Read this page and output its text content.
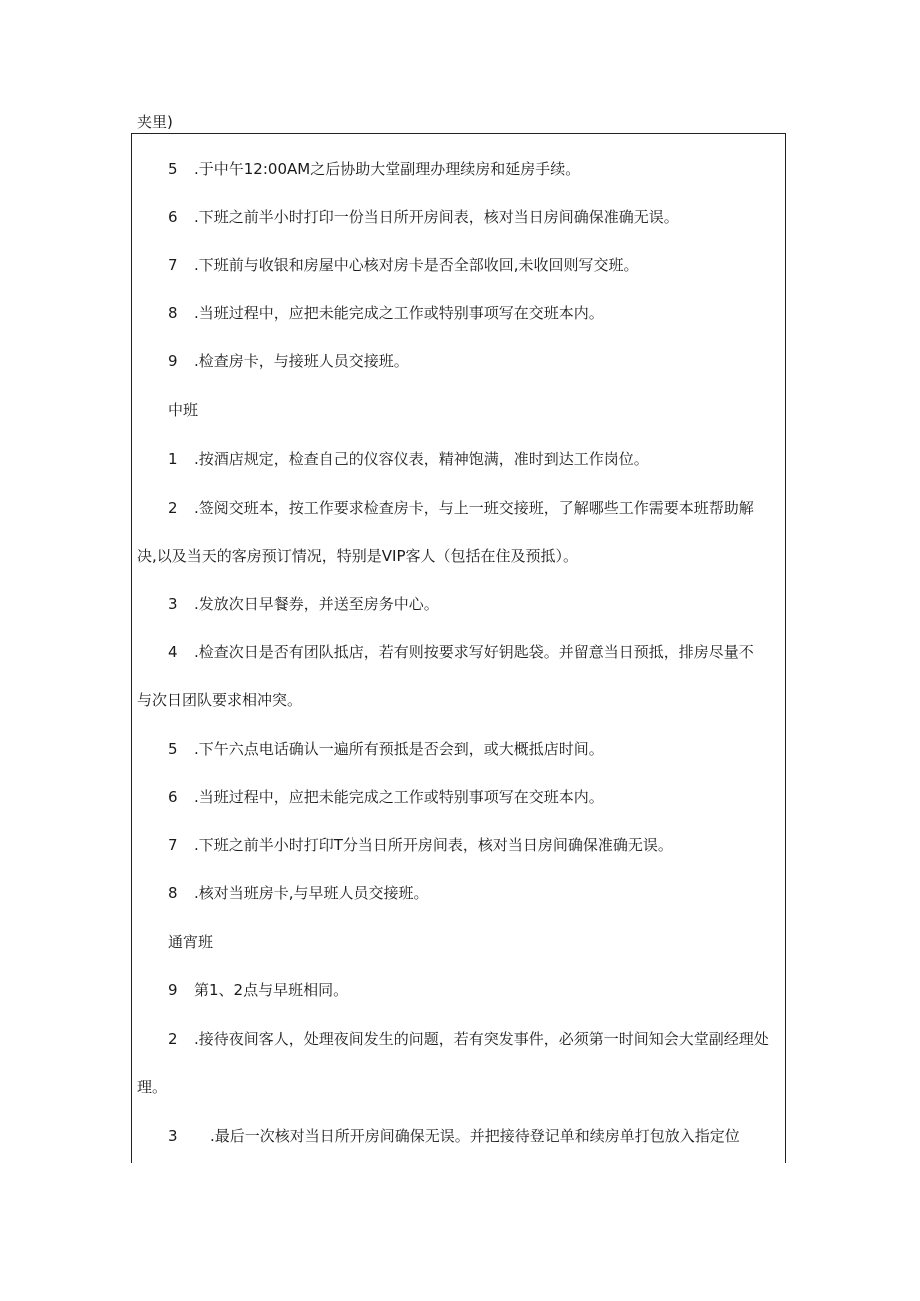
夹里)
5 .于中午12:00AM之后协助大堂副理办理续房和延房手续。
6 .下班之前半小时打印一份当日所开房间表，核对当日房间确保准确无误。
7 .下班前与收银和房屋中心核对房卡是否全部收回,未收回则写交班。
8 .当班过程中，应把未能完成之工作或特别事项写在交班本内。
9 .检查房卡，与接班人员交接班。
中班
1 .按酒店规定，检查自己的仪容仪表，精神饱满，准时到达工作岗位。
2 .签阅交班本，按工作要求检查房卡，与上一班交接班，了解哪些工作需要本班帮助解
决,以及当天的客房预订情况，特别是VIP客人（包括在住及预抵）。
3 .发放次日早餐券，并送至房务中心。
4 .检查次日是否有团队抵店，若有则按要求写好钥匙袋。并留意当日预抵，排房尽量不
与次日团队要求相冲突。
5 .下午六点电话确认一遍所有预抵是否会到，或大概抵店时间。
6 .当班过程中，应把未能完成之工作或特别事项写在交班本内。
7 .下班之前半小时打印T分当日所开房间表，核对当日房间确保准确无误。
8 .核对当班房卡,与早班人员交接班。
通宵班
9 第1、2点与早班相同。
2 .接待夜间客人，处理夜间发生的问题，若有突发事件，必须第一时间知会大堂副经理处
理。
3 .最后一次核对当日所开房间确保无误。并把接待登记单和续房单打包放入指定位
